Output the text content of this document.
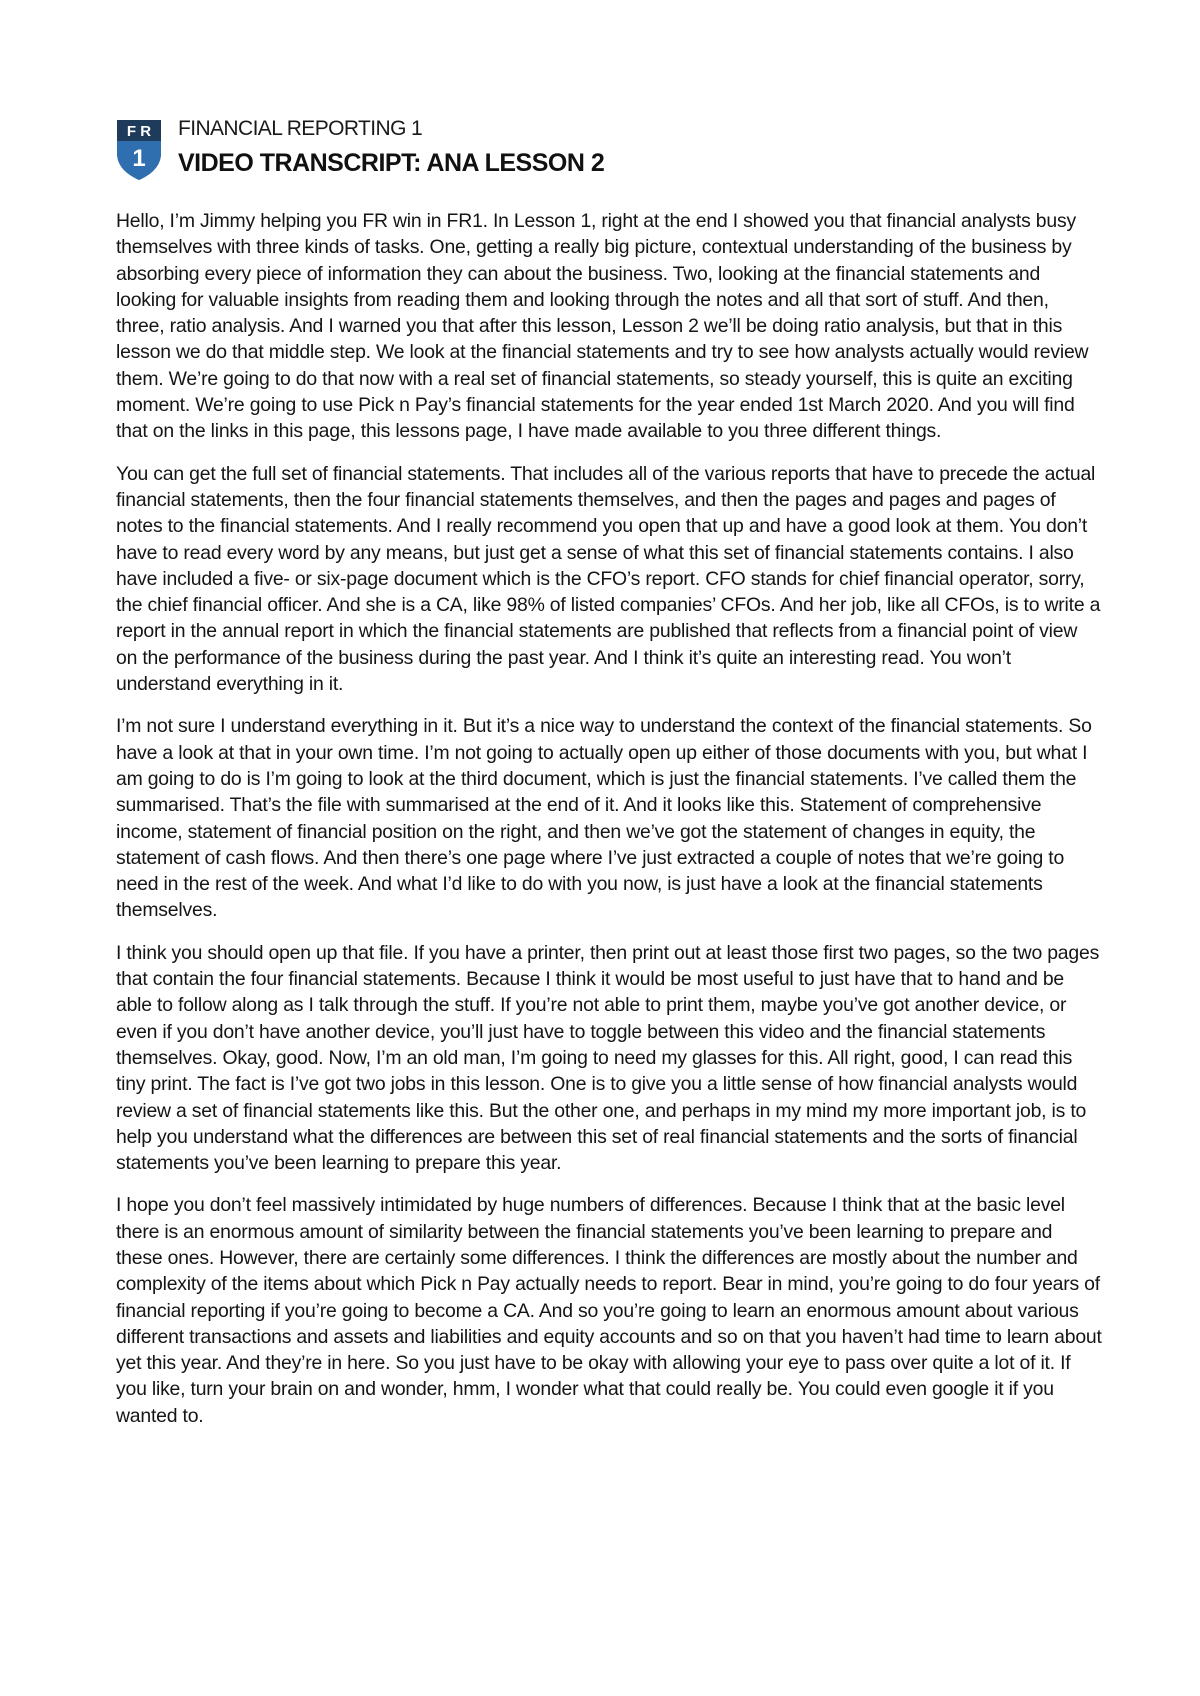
F R
1
FINANCIAL REPORTING 1
VIDEO TRANSCRIPT: ANA LESSON 2

Hello, I’m Jimmy helping you FR win in FR1. In Lesson 1, right at the end I showed you that financial analysts busy themselves with three kinds of tasks. One, getting a really big picture, contextual understanding of the business by absorbing every piece of information they can about the business. Two, looking at the financial statements and looking for valuable insights from reading them and looking through the notes and all that sort of stuff. And then, three, ratio analysis. And I warned you that after this lesson, Lesson 2 we’ll be doing ratio analysis, but that in this lesson we do that middle step. We look at the financial statements and try to see how analysts actually would review them. We’re going to do that now with a real set of financial statements, so steady yourself, this is quite an exciting moment. We’re going to use Pick n Pay’s financial statements for the year ended 1st March 2020. And you will find that on the links in this page, this lessons page, I have made available to you three different things.

You can get the full set of financial statements. That includes all of the various reports that have to precede the actual financial statements, then the four financial statements themselves, and then the pages and pages and pages of notes to the financial statements. And I really recommend you open that up and have a good look at them. You don’t have to read every word by any means, but just get a sense of what this set of financial statements contains. I also have included a five- or six-page document which is the CFO’s report. CFO stands for chief financial operator, sorry, the chief financial officer. And she is a CA, like 98% of listed companies’ CFOs. And her job, like all CFOs, is to write a report in the annual report in which the financial statements are published that reflects from a financial point of view on the performance of the business during the past year. And I think it’s quite an interesting read. You won’t understand everything in it.

I’m not sure I understand everything in it. But it’s a nice way to understand the context of the financial statements. So have a look at that in your own time. I’m not going to actually open up either of those documents with you, but what I am going to do is I’m going to look at the third document, which is just the financial statements. I’ve called them the summarised. That’s the file with summarised at the end of it. And it looks like this. Statement of comprehensive income, statement of financial position on the right, and then we’ve got the statement of changes in equity, the statement of cash flows. And then there’s one page where I’ve just extracted a couple of notes that we’re going to need in the rest of the week. And what I’d like to do with you now, is just have a look at the financial statements themselves.

I think you should open up that file. If you have a printer, then print out at least those first two pages, so the two pages that contain the four financial statements. Because I think it would be most useful to just have that to hand and be able to follow along as I talk through the stuff. If you’re not able to print them, maybe you’ve got another device, or even if you don’t have another device, you’ll just have to toggle between this video and the financial statements themselves. Okay, good. Now, I’m an old man, I’m going to need my glasses for this. All right, good, I can read this tiny print. The fact is I’ve got two jobs in this lesson. One is to give you a little sense of how financial analysts would review a set of financial statements like this. But the other one, and perhaps in my mind my more important job, is to help you understand what the differences are between this set of real financial statements and the sorts of financial statements you’ve been learning to prepare this year.

I hope you don’t feel massively intimidated by huge numbers of differences. Because I think that at the basic level there is an enormous amount of similarity between the financial statements you’ve been learning to prepare and these ones. However, there are certainly some differences. I think the differences are mostly about the number and complexity of the items about which Pick n Pay actually needs to report. Bear in mind, you’re going to do four years of financial reporting if you’re going to become a CA. And so you’re going to learn an enormous amount about various different transactions and assets and liabilities and equity accounts and so on that you haven’t had time to learn about yet this year. And they’re in here. So you just have to be okay with allowing your eye to pass over quite a lot of it. If you like, turn your brain on and wonder, hmm, I wonder what that could really be. You could even google it if you wanted to.
